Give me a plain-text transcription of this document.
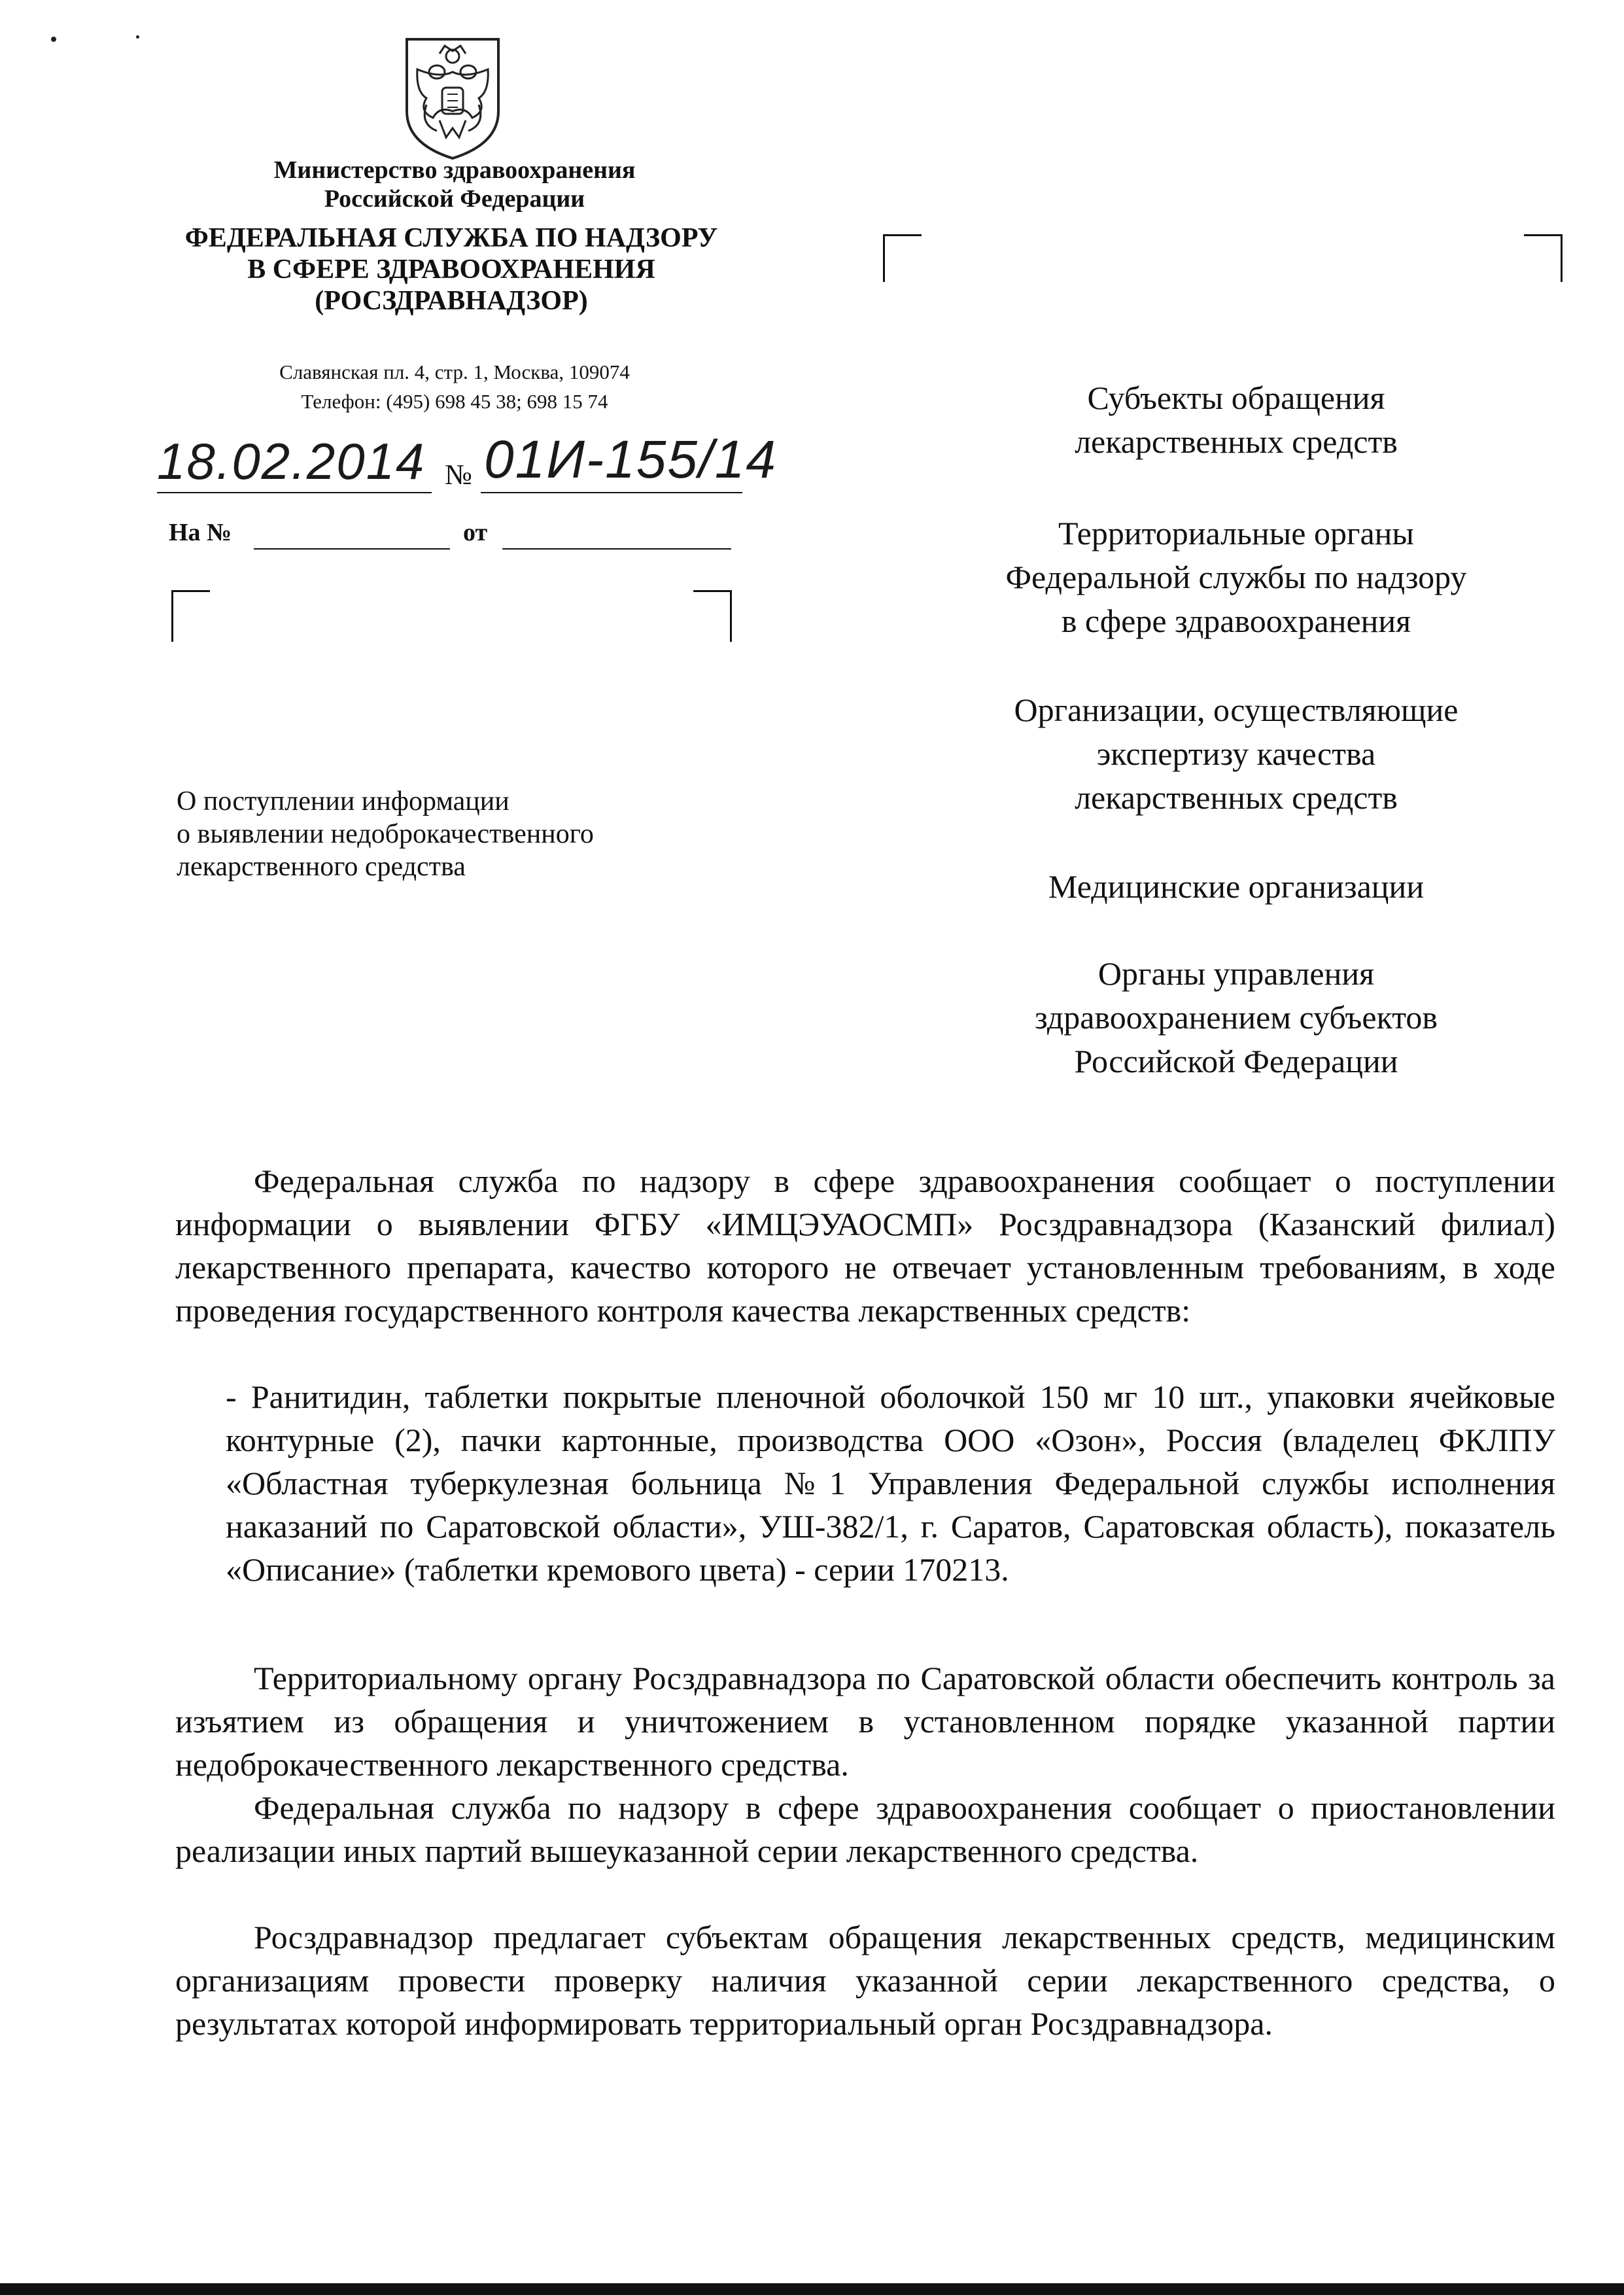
Министерство здравоохранения
Российской Федерации
ФЕДЕРАЛЬНАЯ СЛУЖБА ПО НАДЗОРУ
В СФЕРЕ ЗДРАВООХРАНЕНИЯ
(РОСЗДРАВНАДЗОР)
Славянская пл. 4, стр. 1, Москва, 109074
Телефон: (495) 698 45 38; 698 15 74
18.02.2014 № 01И-155/14
На №	от
О поступлении информации
о выявлении недоброкачественного
лекарственного средства
Субъекты обращения
лекарственных средств
Территориальные органы
Федеральной службы по надзору
в сфере здравоохранения
Организации, осуществляющие
экспертизу качества
лекарственных средств
Медицинские организации
Органы управления
здравоохранением субъектов
Российской Федерации
Федеральная служба по надзору в сфере здравоохранения сообщает о поступлении информации о выявлении ФГБУ «ИМЦЭУАОСМП» Росздравнадзора (Казанский филиал) лекарственного препарата, качество которого не отвечает установленным требованиям, в ходе проведения государственного контроля качества лекарственных средств:
- Ранитидин, таблетки покрытые пленочной оболочкой 150 мг 10 шт., упаковки ячейковые контурные (2), пачки картонные, производства ООО «Озон», Россия (владелец ФКЛПУ «Областная туберкулезная больница №1 Управления Федеральной службы исполнения наказаний по Саратовской области», УШ-382/1, г. Саратов, Саратовская область), показатель «Описание» (таблетки кремового цвета) - серии 170213.
Территориальному органу Росздравнадзора по Саратовской области обеспечить контроль за изъятием из обращения и уничтожением в установленном порядке указанной партии недоброкачественного лекарственного средства.
Федеральная служба по надзору в сфере здравоохранения сообщает о приостановлении реализации иных партий вышеуказанной серии лекарственного средства.
Росздравнадзор предлагает субъектам обращения лекарственных средств, медицинским организациям провести проверку наличия указанной серии лекарственного средства, о результатах которой информировать территориальный орган Росздравнадзора.
